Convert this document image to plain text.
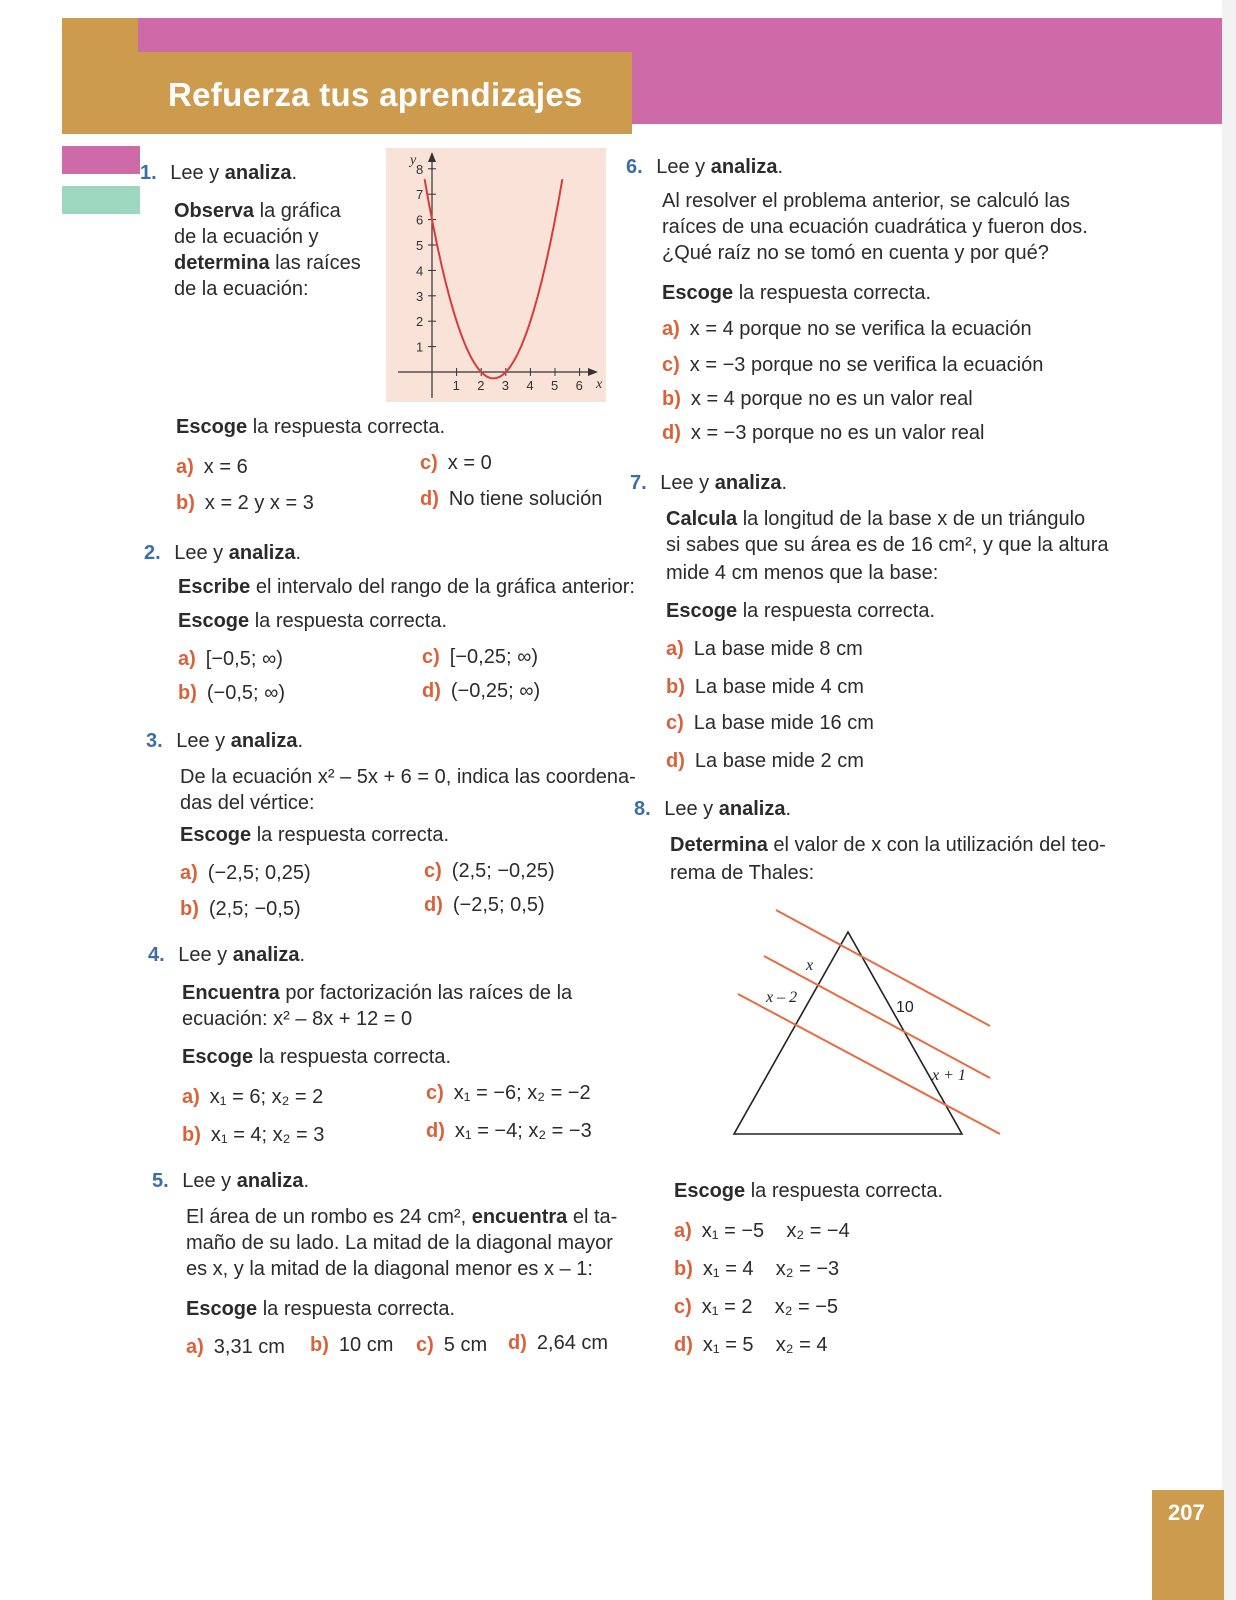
Refuerza tus aprendizajes
207
1. Lee y analiza.
Observa la gráfica
de la ecuación y
determina las raíces
de la ecuación:
y
x
8
7
6
5
4
3
2
1
1 2 3 4 5 6
Escoge la respuesta correcta.
a) x = 6
b) x = 2 y x = 3
c) x = 0
d) No tiene solución
2. Lee y analiza.
Escribe el intervalo del rango de la gráfica anterior:
Escoge la respuesta correcta.
a) [−0,5; ∞)
b) (−0,5; ∞)
c) [−0,25; ∞)
d) (−0,25; ∞)
3. Lee y analiza.
De la ecuación x² – 5x + 6 = 0, indica las coordena-
das del vértice:
Escoge la respuesta correcta.
a) (−2,5; 0,25)
b) (2,5; −0,5)
c) (2,5; −0,25)
d) (−2,5; 0,5)
4. Lee y analiza.
Encuentra por factorización las raíces de la
ecuación: x² – 8x + 12 = 0
Escoge la respuesta correcta.
a) x₁ = 6; x₂ = 2
b) x₁ = 4; x₂ = 3
c) x₁ = −6; x₂ = −2
d) x₁ = −4; x₂ = −3
5. Lee y analiza.
El área de un rombo es 24 cm², encuentra el ta-
maño de su lado. La mitad de la diagonal mayor
es x, y la mitad de la diagonal menor es x – 1:
Escoge la respuesta correcta.
a) 3,31 cm b) 10 cm c) 5 cm d) 2,64 cm
6. Lee y analiza.
Al resolver el problema anterior, se calculó las
raíces de una ecuación cuadrática y fueron dos.
¿Qué raíz no se tomó en cuenta y por qué?
Escoge la respuesta correcta.
a) x = 4 porque no se verifica la ecuación
c) x = −3 porque no se verifica la ecuación
b) x = 4 porque no es un valor real
d) x = −3 porque no es un valor real
7. Lee y analiza.
Calcula la longitud de la base x de un triángulo
si sabes que su área es de 16 cm², y que la altura
mide 4 cm menos que la base:
Escoge la respuesta correcta.
a) La base mide 8 cm
b) La base mide 4 cm
c) La base mide 16 cm
d) La base mide 2 cm
8. Lee y analiza.
Determina el valor de x con la utilización del teo-
rema de Thales:
x
x – 2
10
x + 1
Escoge la respuesta correcta.
a) x₁ = −5    x₂ = −4
b) x₁ = 4    x₂ = −3
c) x₁ = 2    x₂ = −5
d) x₁ = 5    x₂ = 4
